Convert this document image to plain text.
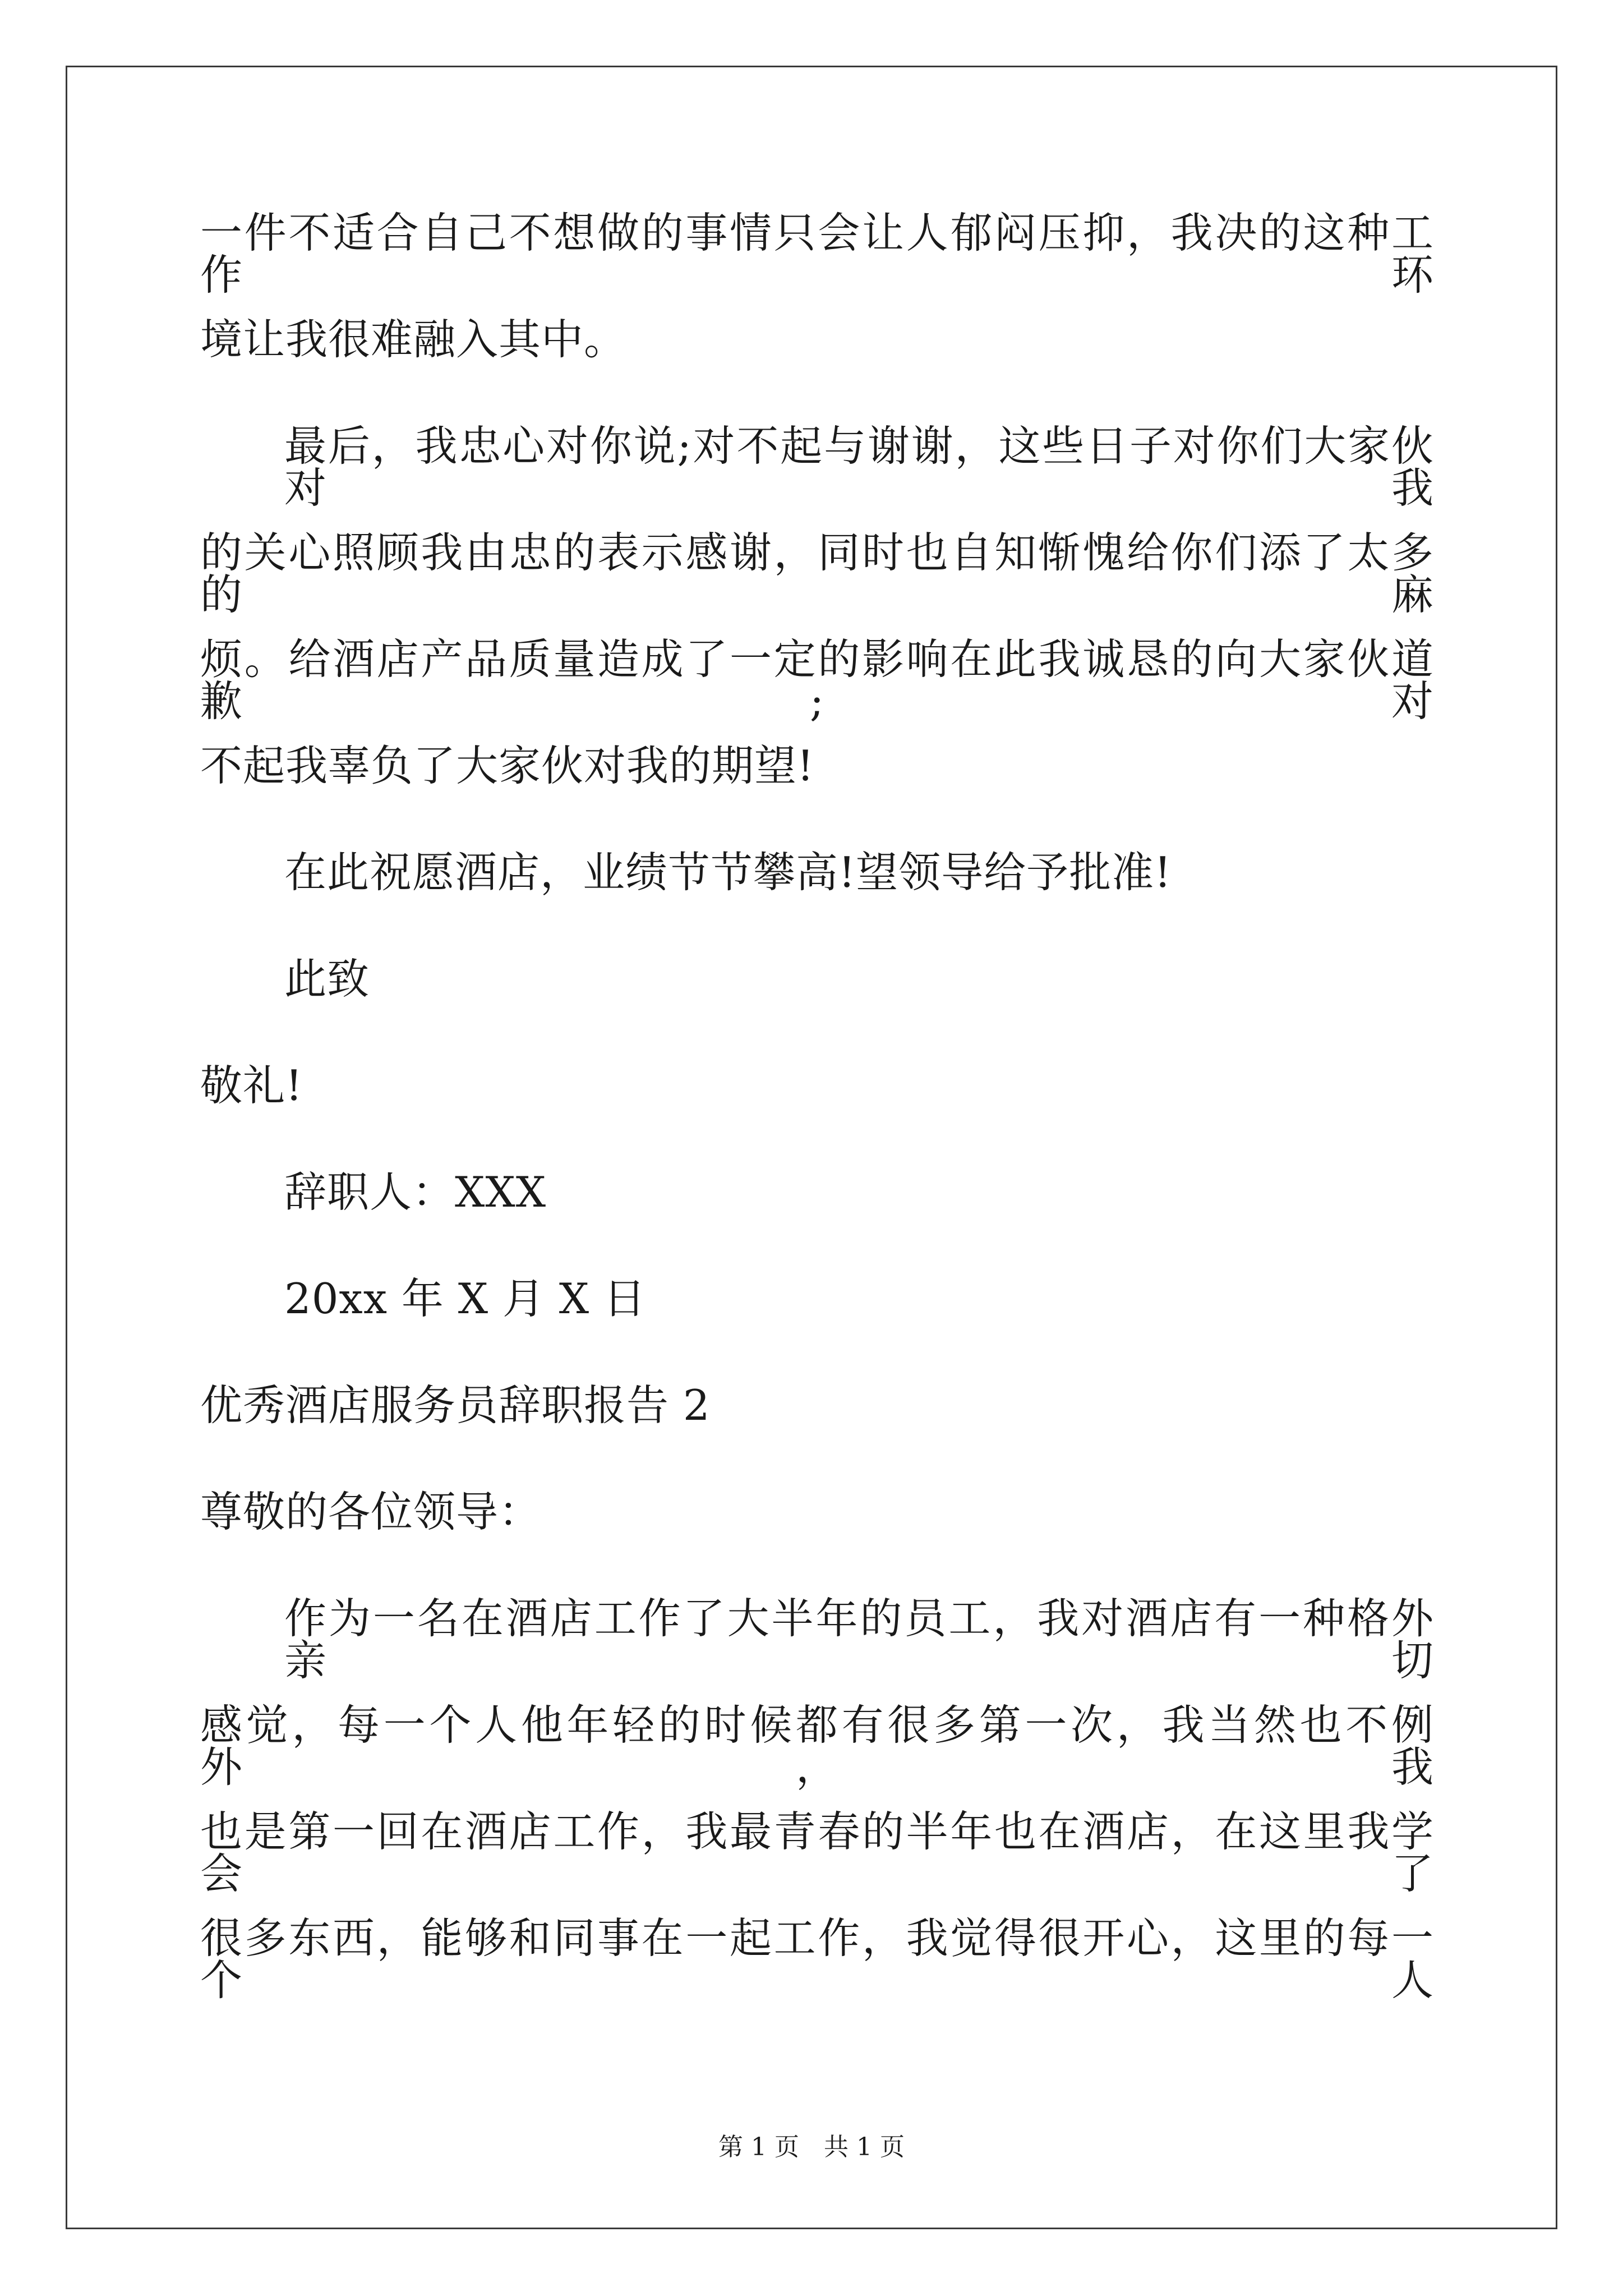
一件不适合自己不想做的事情只会让人郁闷压抑，我决的这种工作环
境让我很难融入其中。
最后，我忠心对你说;对不起与谢谢，这些日子对你们大家伙对我
的关心照顾我由忠的表示感谢，同时也自知惭愧给你们添了太多的麻
烦。给酒店产品质量造成了一定的影响在此我诚恳的向大家伙道歉;对
不起我辜负了大家伙对我的期望!
在此祝愿酒店，业绩节节攀高!望领导给予批准!
此致
敬礼!
辞职人：XXX
20xx 年 X 月 X 日
优秀酒店服务员辞职报告 2
尊敬的各位领导：
作为一名在酒店工作了大半年的员工，我对酒店有一种格外亲切
感觉，每一个人他年轻的时候都有很多第一次，我当然也不例外，我
也是第一回在酒店工作，我最青春的半年也在酒店，在这里我学会了
很多东西，能够和同事在一起工作，我觉得很开心，这里的每一个人
第 1 页　共 1 页
